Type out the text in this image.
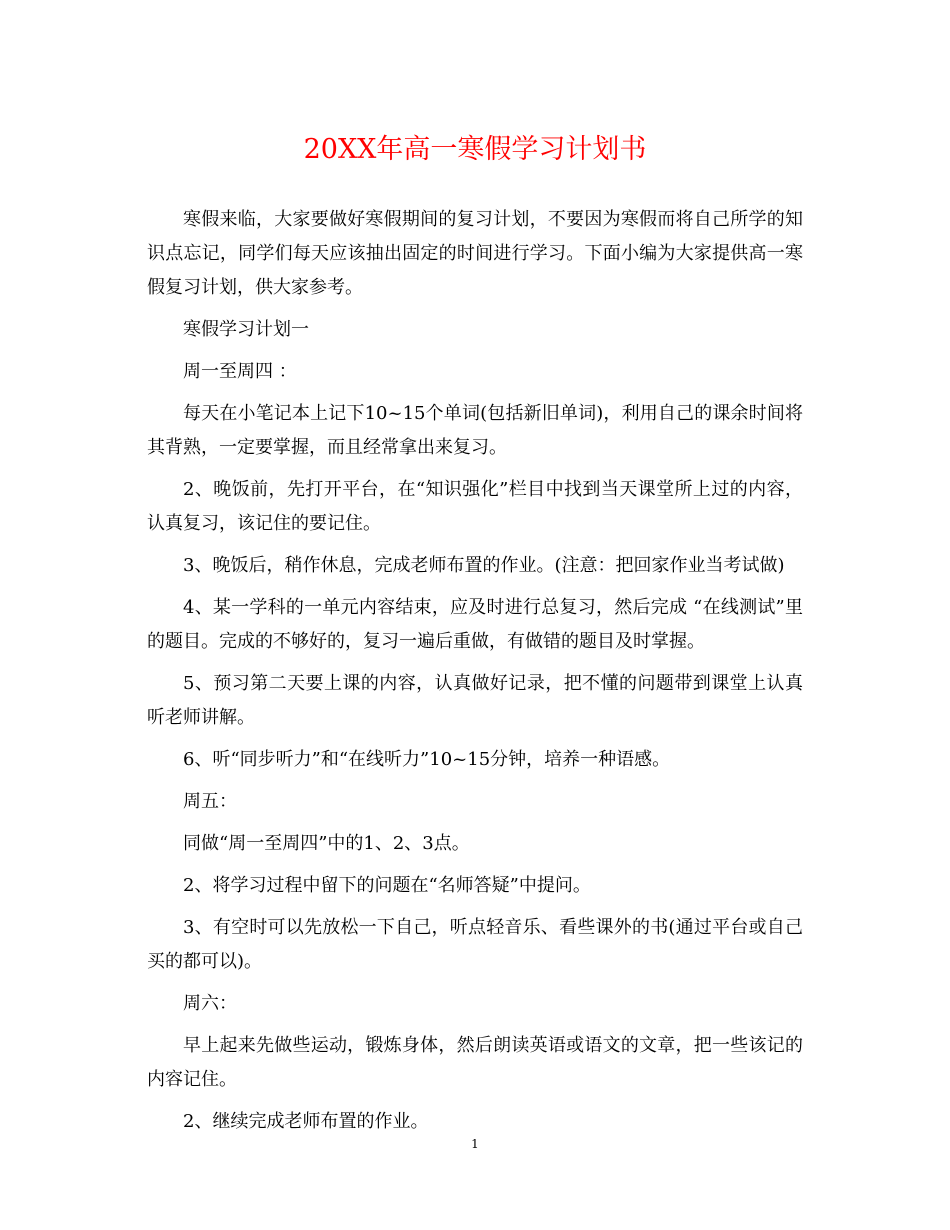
20XX年高一寒假学习计划书

寒假来临，大家要做好寒假期间的复习计划，不要因为寒假而将自己所学的知识点忘记，同学们每天应该抽出固定的时间进行学习。下面小编为大家提供高一寒假复习计划，供大家参考。

寒假学习计划一

周一至周四 ：

每天在小笔记本上记下10~15个单词(包括新旧单词)，利用自己的课余时间将其背熟，一定要掌握，而且经常拿出来复习。

2、晚饭前，先打开平台，在“知识强化”栏目中找到当天课堂所上过的内容，认真复习，该记住的要记住。

3、晚饭后，稍作休息，完成老师布置的作业。(注意：把回家作业当考试做)

4、某一学科的一单元内容结束，应及时进行总复习，然后完成 “在线测试”里的题目。完成的不够好的，复习一遍后重做，有做错的题目及时掌握。

5、预习第二天要上课的内容，认真做好记录，把不懂的问题带到课堂上认真听老师讲解。

6、听“同步听力”和“在线听力”10~15分钟，培养一种语感。

周五：

同做“周一至周四”中的1、2、3点。

2、将学习过程中留下的问题在“名师答疑”中提问。

3、有空时可以先放松一下自己，听点轻音乐、看些课外的书(通过平台或自己买的都可以)。

周六：

早上起来先做些运动，锻炼身体，然后朗读英语或语文的文章，把一些该记的内容记住。

2、继续完成老师布置的作业。

1
